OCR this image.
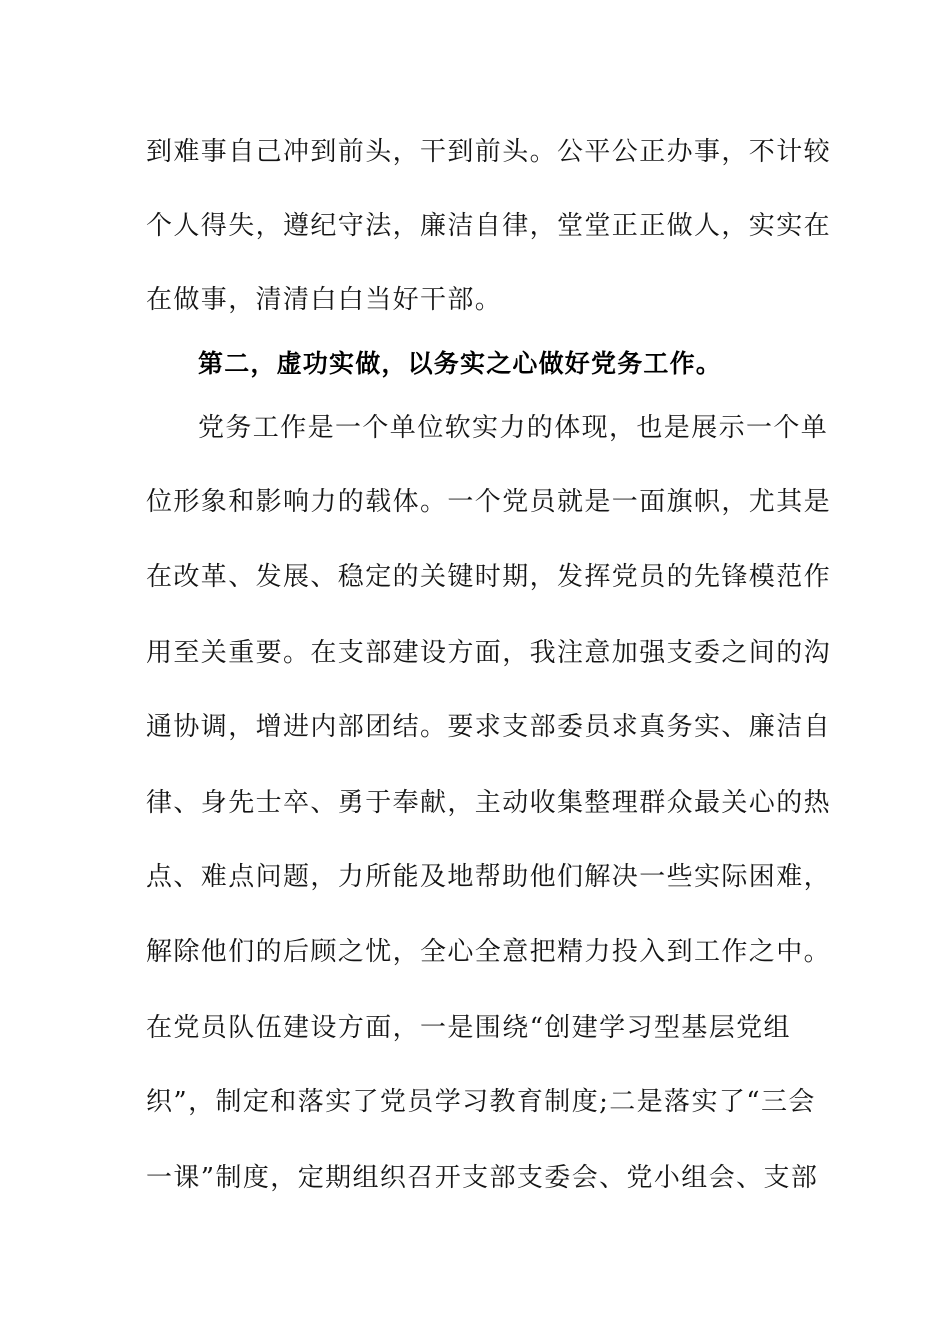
到难事自己冲到前头，干到前头。公平公正办事，不计较
个人得失，遵纪守法，廉洁自律，堂堂正正做人，实实在
在做事，清清白白当好干部。
第二，虚功实做，以务实之心做好党务工作。
党务工作是一个单位软实力的体现，也是展示一个单
位形象和影响力的载体。一个党员就是一面旗帜，尤其是
在改革、发展、稳定的关键时期，发挥党员的先锋模范作
用至关重要。在支部建设方面，我注意加强支委之间的沟
通协调，增进内部团结。要求支部委员求真务实、廉洁自
律、身先士卒、勇于奉献，主动收集整理群众最关心的热
点、难点问题，力所能及地帮助他们解决一些实际困难，
解除他们的后顾之忧，全心全意把精力投入到工作之中。
在党员队伍建设方面，一是围绕“创建学习型基层党组
织”，制定和落实了党员学习教育制度;二是落实了“三会
一课”制度，定期组织召开支部支委会、党小组会、支部
